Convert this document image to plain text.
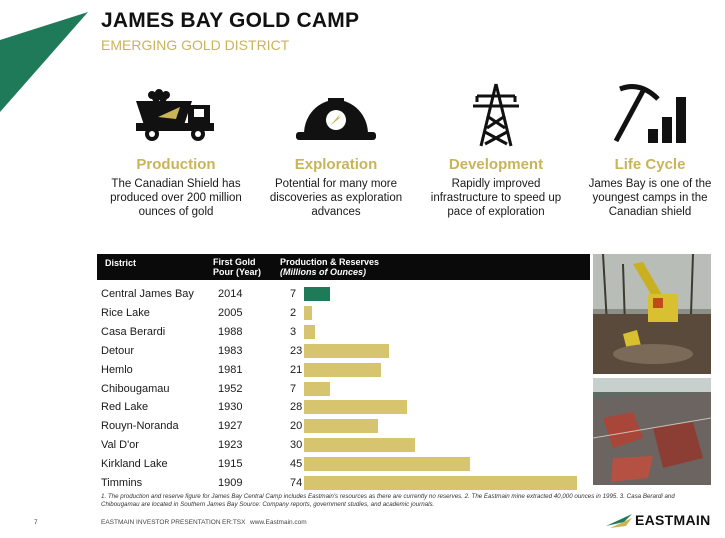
JAMES BAY GOLD CAMP
EMERGING GOLD DISTRICT
Production
The Canadian Shield has produced over 200 million ounces of gold
Exploration
Potential for many more discoveries as exploration advances
Development
Rapidly improved infrastructure to speed up pace of exploration
Life Cycle
James Bay is one of the youngest camps in the Canadian shield
District	First Gold
Pour (Year)
Production & Reserves
(Millions of Ounces)
Central James Bay 2014	7
Rice Lake	2005	2
Casa Berardi	1988	3
Detour	1983	23
Hemlo	1981	21
Chibougamau	1952	7
Red Lake	1930	28
Rouyn-Noranda	1927	20
Val D'or	1923	30
Kirkland Lake	1915	45
Timmins	1909	74
1. The production and reserve figure for James Bay Central Camp includes Eastmain's resources as there are currently no reserves. 2. The Eastmain mine extracted 40,000 ounces in 1995. 3. Casa Berardi and Chibougamau are located in Southern James Bay Source: Company reports, government studies, and academic journals.
7	EASTMAIN INVESTOR PRESENTATION ER:TSX www.Eastmain.com	EASTMAIN
